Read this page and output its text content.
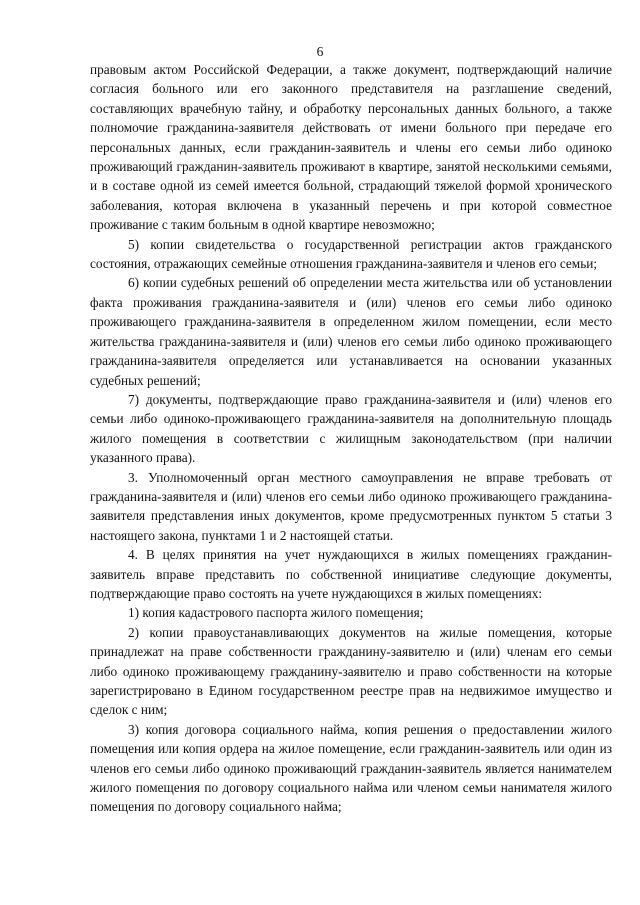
6

правовым актом Российской Федерации, а также документ, подтверждающий наличие согласия больного или его законного представителя на разглашение сведений, составляющих врачебную тайну, и обработку персональных данных больного, а также полномочие гражданина-заявителя действовать от имени больного при передаче его персональных данных, если гражданин-заявитель и члены его семьи либо одиноко проживающий гражданин-заявитель проживают в квартире, занятой несколькими семьями, и в составе одной из семей имеется больной, страдающий тяжелой формой хронического заболевания, которая включена в указанный перечень и при которой совместное проживание с таким больным в одной квартире невозможно;

5) копии свидетельства о государственной регистрации актов гражданского состояния, отражающих семейные отношения гражданина-заявителя и членов его семьи;

6) копии судебных решений об определении места жительства или об установлении факта проживания гражданина-заявителя и (или) членов его семьи либо одиноко проживающего гражданина-заявителя в определенном жилом помещении, если место жительства гражданина-заявителя и (или) членов его семьи либо одиноко проживающего гражданина-заявителя определяется или устанавливается на основании указанных судебных решений;

7) документы, подтверждающие право гражданина-заявителя и (или) членов его семьи либо одиноко-проживающего гражданина-заявителя на дополнительную площадь жилого помещения в соответствии с жилищным законодательством (при наличии указанного права).

3. Уполномоченный орган местного самоуправления не вправе требовать от гражданина-заявителя и (или) членов его семьи либо одиноко проживающего гражданина-заявителя представления иных документов, кроме предусмотренных пунктом 5 статьи 3 настоящего закона, пунктами 1 и 2 настоящей статьи.

4. В целях принятия на учет нуждающихся в жилых помещениях гражданин-заявитель вправе представить по собственной инициативе следующие документы, подтверждающие право состоять на учете нуждающихся в жилых помещениях:

1) копия кадастрового паспорта жилого помещения;

2) копии правоустанавливающих документов на жилые помещения, которые принадлежат на праве собственности гражданину-заявителю и (или) членам его семьи либо одиноко проживающему гражданину-заявителю и право собственности на которые зарегистрировано в Едином государственном реестре прав на недвижимое имущество и сделок с ним;

3) копия договора социального найма, копия решения о предоставлении жилого помещения или копия ордера на жилое помещение, если гражданин-заявитель или один из членов его семьи либо одиноко проживающий гражданин-заявитель является нанимателем жилого помещения по договору социального найма или членом семьи нанимателя жилого помещения по договору социального найма;
